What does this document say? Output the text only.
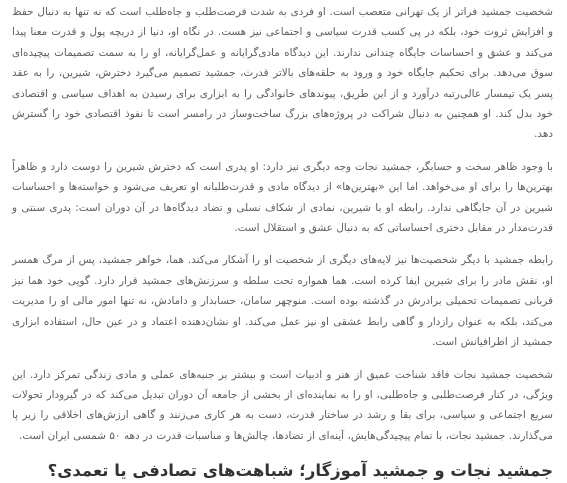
شخصیت جمشید فراتر از یک تهرانی متعصب است. او فردی به شدت فرصت‌طلب و جاه‌طلب است که نه تنها به دنبال حفظ و افزایش ثروت خود، بلکه در پی کسب قدرت سیاسی و اجتماعی نیز هست. در نگاه او، دنیا از دریچه پول و قدرت معنا پیدا می‌کند و عشق و احساسات جایگاه چندانی ندارند. این دیدگاه مادی‌گرایانه و عمل‌گرایانه، او را به سمت تصمیمات پیچیده‌ای سوق می‌دهد. برای تحکیم جایگاه خود و ورود به حلقه‌های بالاتر قدرت، جمشید تصمیم می‌گیرد دخترش، شیرین، را به عقد پسر یک تیمسار عالی‌رتبه درآورد و از این طریق، پیوندهای خانوادگی را به ابزاری برای رسیدن به اهداف سیاسی و اقتصادی خود بدل کند. او همچنین به دنبال شراکت در پروژه‌های بزرگ ساخت‌وساز در رامسر است تا نفوذ اقتصادی خود را گسترش دهد.

با وجود ظاهر سخت و حسابگر، جمشید نجات وجه دیگری نیز دارد: او پدری است که دخترش شیرین را دوست دارد و ظاهراً بهترین‌ها را برای او می‌خواهد. اما این «بهترین‌ها» از دیدگاه مادی و قدرت‌طلبانه او تعریف می‌شود و خواسته‌ها و احساسات شیرین در آن جایگاهی ندارد. رابطه او با شیرین، نمادی از شکاف نسلی و تضاد دیدگاه‌ها در آن دوران است: پدری سنتی و قدرت‌مدار در مقابل دختری احساساتی که به دنبال عشق و استقلال است.

رابطه جمشید با دیگر شخصیت‌ها نیز لایه‌های دیگری از شخصیت او را آشکار می‌کند. هما، خواهر جمشید، پس از مرگ همسر او، نقش مادر را برای شیرین ایفا کرده است. هما همواره تحت سلطه و سرزنش‌های جمشید قرار دارد. گویی خود هما نیز قربانی تصمیمات تحمیلی برادرش در گذشته بوده است. منوچهر سامان، حسابدار و دامادش، نه تنها امور مالی او را مدیریت می‌کند، بلکه به عنوان رازدار و گاهی رابط عشقی او نیز عمل می‌کند. او نشان‌دهنده اعتماد و در عین حال، استفاده ابزاری جمشید از اطرافیانش است.

شخصیت جمشید نجات فاقد شناخت عمیق از هنر و ادبیات است و بیشتر بر جنبه‌های عملی و مادی زندگی تمرکز دارد. این ویژگی، در کنار فرصت‌طلبی و جاه‌طلبی، او را به نماینده‌ای از بخشی از جامعه آن دوران تبدیل می‌کند که در گیرودار تحولات سریع اجتماعی و سیاسی، برای بقا و رشد در ساختار قدرت، دست به هر کاری می‌زنند و گاهی ارزش‌های اخلاقی را زیر پا می‌گذارند. جمشید نجات، با تمام پیچیدگی‌هایش، آینه‌ای از تضادها، چالش‌ها و مناسبات قدرت در دهه ۵۰ شمسی ایران است.

جمشید نجات و جمشید آموزگار؛ شباهت‌های تصادفی یا تعمدی؟
